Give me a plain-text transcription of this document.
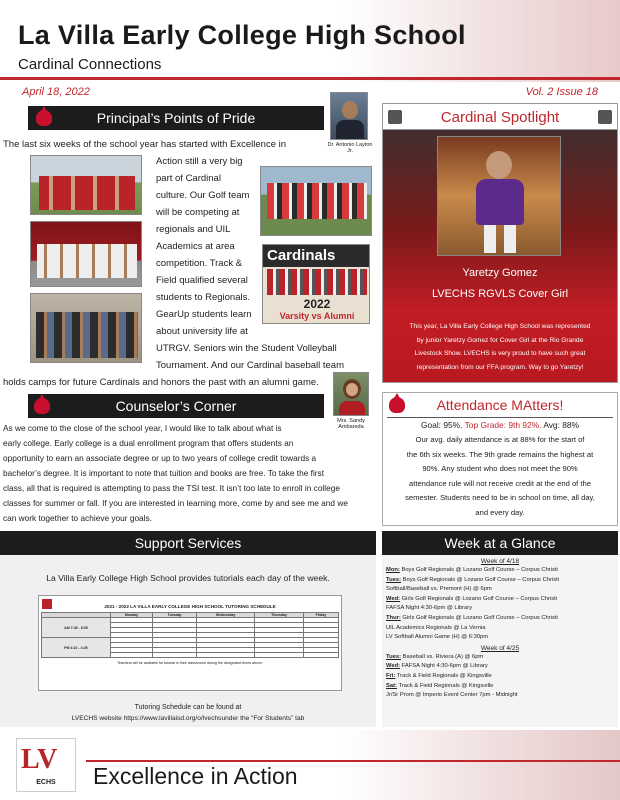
La Villa Early College High School
Cardinal Connections
April 18, 2022	Vol. 2 Issue 18
Principal’s Points of Pride
Dr. Antonio Layton Jr.
The last six weeks of the school year has started with Excellence in
Action still a very big
part of Cardinal
culture. Our Golf team
will be competing at
regionals and UIL
Academics at area
competition. Track &
Field qualified several
students to Regionals.
GearUp students learn
about university life at
UTRGV. Seniors win the Student Volleyball
Tournament. And our Cardinal baseball team
holds camps for future Cardinals and honors the past with an alumni game.
Cardinals
2022
Varsity vs Alumni
Cardinal Spotlight
Yaretzy Gomez
LVECHS RGVLS Cover Girl
This year, La Villa Early College High School was represented
by junior Yaretzy Gomez for Cover Girl at the Rio Grande
Livestock Show. LVECHS is very proud to have such great
representation from our FFA program. Way to go Yaretzy!
Counselor’s Corner
Mrs. Sandy Ambareda
As we come to the close of the school year, I would like to talk about what is
early college. Early college is a dual enrollment program that offers students an
opportunity to earn an associate degree or up to two years of college credit towards a
bachelor’s degree. It is important to note that tuition and books are free. To take the first
class, all that is required is attempting to pass the TSI test. It isn’t too late to enroll in college
classes for summer or fall. If you are interested in learning more, come by and see me and we
can work together to achieve your goals.
Attendance MAtters!
Goal: 95%. Top Grade: 9th 92%. Avg: 88%
Our avg. daily attendance is at 88% for the start of
the 6th six weeks. The 9th grade remains the highest at
90%. Any student who does not meet the 90%
attendance rule will not receive credit at the end of the
semester. Students need to be in school on time, all day,
and every day.
Support Services
La Villa Early College High School provides tutorials each day of the week.
2021 - 2022 LA VILLA EARLY COLLEGE HIGH SCHOOL TUTORING SCHEDULE
	Monday	Tuesday	Wednesday	Thursday	Friday
AM 7:45 - 8:05					

PM 4:10 - 4:25					

Teachers will be available for tutorial in their classrooms during the designated times above.
Tutoring Schedule can be found at
LVECHS website https://www.lavillaisd.org/o/lvechsunder the “For Students” tab
Week at a Glance
Week of 4/18
Mon: Boys Golf Regionals @ Lozano Golf Course – Corpus Christi
Tues: Boys Golf Regionals @ Lozano Golf Course – Corpus Christi
Softball/Baseball vs. Premont (H) @ 6pm
Wed: Girls Golf Regionals @ Lozano Golf Course – Corpus Christi
FAFSA Night 4:30-6pm @ Library
Thur: Girls Golf Regionals @ Lozano Golf Course – Corpus Christi
UIL Academics Regionals @ La Vernia
LV Softball Alumni Game (H) @ 6:30pm
Week of 4/25
Tues: Baseball vs. Riviera (A) @ 6pm
Wed: FAFSA Night 4:30-6pm @ Library
Fri: Track & Field Regionals @ Kingsville
Sat: Track & Field Regionals @ Kingsville
Jr/Sr Prom @ Imperio Event Center 7pm - Midnight
LV
ECHS	Excellence in Action
